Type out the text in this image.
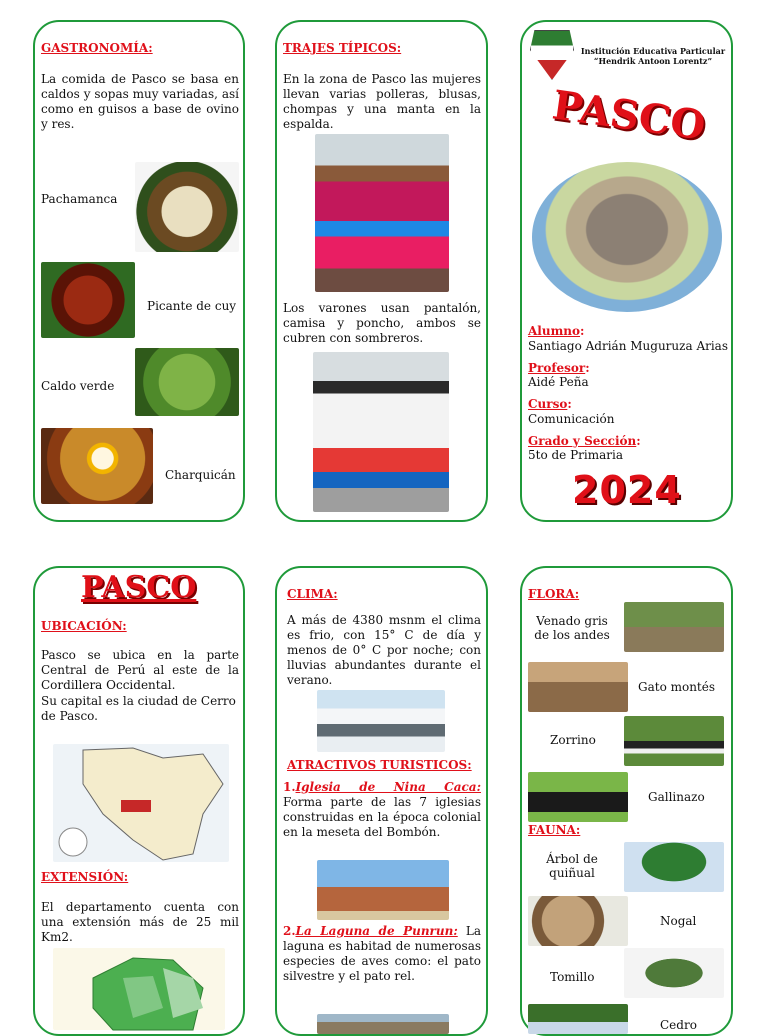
GASTRONOMÍA:
La comida de Pasco se basa en caldos y sopas muy variadas, así como en guisos a base de ovino y res.
Pachamanca
Picante de cuy
Caldo verde
Charquicán
TRAJES TÍPICOS:
En la zona de Pasco las mujeres llevan varias polleras, blusas, chompas y una manta en la espalda.
Los varones usan pantalón, camisa y poncho, ambos se cubren con sombreros.
Institución Educativa Particular
“Hendrik Antoon Lorentz”
PASCO
Alumno:
Santiago Adrián Muguruza Arias
Profesor:
Aidé Peña
Curso:
Comunicación
Grado y Sección:
5to de Primaria
2024
PASCO
UBICACIÓN:
Pasco se ubica en la parte Central de Perú al este de la Cordillera Occidental.
Su capital es la ciudad de Cerro de Pasco.
EXTENSIÓN:
El departamento cuenta con una extensión más de 25 mil Km2.
CLIMA:
A más de 4380 msnm el clima es frio, con 15° C de día y menos de 0° C por noche; con lluvias abundantes durante el verano.
ATRACTIVOS TURISTICOS:
1.Iglesia de Nina Caca: Forma parte de las 7 iglesias construidas en la época colonial en la meseta del Bombón.
2.La Laguna de Punrun: La laguna es habitad de numerosas especies de aves como: el pato silvestre y el pato rel.
FLORA:
Venado gris de los andes
Gato montés
Zorrino
Gallinazo
FAUNA:
Árbol de quiñual
Nogal
Tomillo
Cedro
